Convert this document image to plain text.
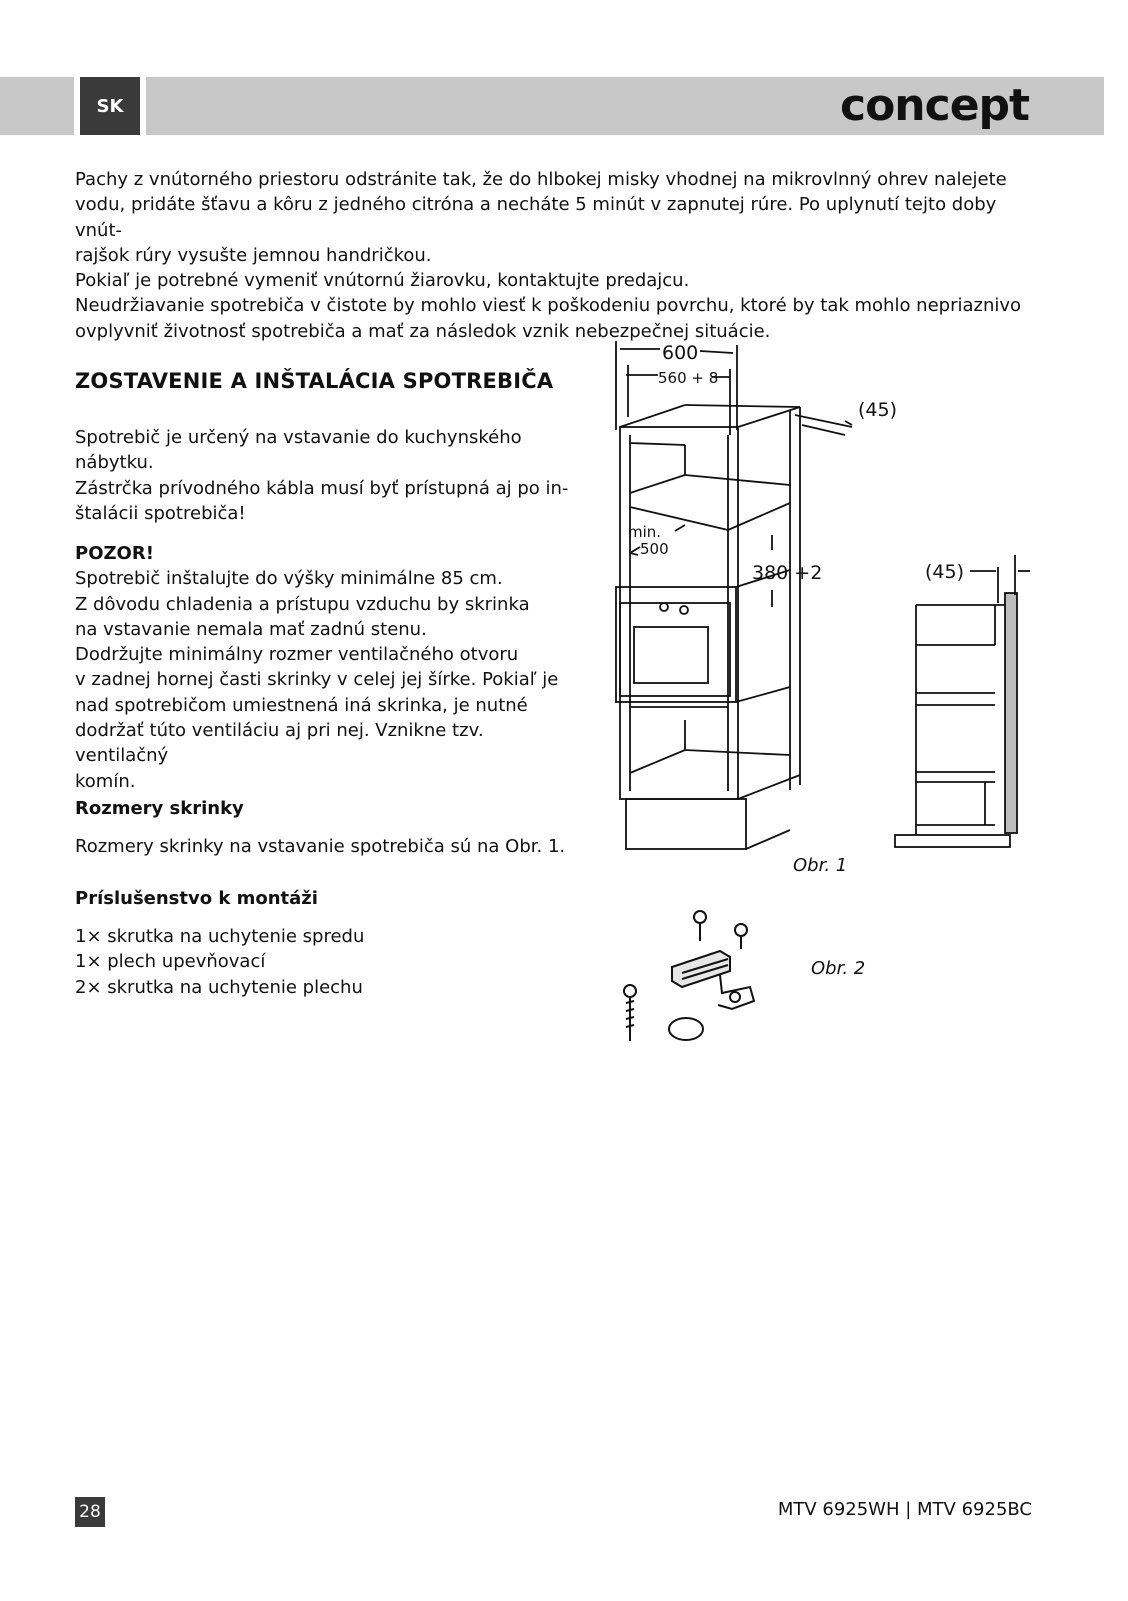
SK	concept

Pachy z vnútorného priestoru odstránite tak, že do hlbokej misky vhodnej na mikrovlnný ohrev nalejete

vodu, pridáte šťavu a kôru z jedného citróna a necháte 5 minút v zapnutej rúre. Po uplynutí tejto doby vnút-

rajšok rúry vysušte jemnou handričkou.

Pokiaľ je potrebné vymeniť vnútornú žiarovku, kontaktujte predajcu.

Neudržiavanie spotrebiča v čistote by mohlo viesť k poškodeniu povrchu, ktoré by tak mohlo nepriaznivo

ovplyvniť životnosť spotrebiča a mať za následok vznik nebezpečnej situácie.

ZOSTAVENIE A INŠTALÁCIA SPOTREBIČA

Spotrebič je určený na vstavanie do kuchynského

nábytku.

Zástrčka prívodného kábla musí byť prístupná aj po in-

štalácii spotrebiča!

POZOR!

Spotrebič inštalujte do výšky minimálne 85 cm.

Z dôvodu chladenia a prístupu vzduchu by skrinka

na vstavanie nemala mať zadnú stenu.

Dodržujte minimálny rozmer ventilačného otvoru

v zadnej hornej časti skrinky v celej jej šírke. Pokiaľ je

nad spotrebičom umiestnená iná skrinka, je nutné

dodržať túto ventiláciu aj pri nej. Vznikne tzv. ventilačný

komín.

Rozmery skrinky
Rozmery skrinky na vstavanie spotrebiča sú na Obr. 1.
Príslušenstvo k montáži

1× skrutka na uchytenie spredu

1× plech upevňovací

2× skrutka na uchytenie plechu

600
560 + 8
(45)
min.
500
380 +2	(45)
Obr. 1
Obr. 2
28	MTV 6925WH | MTV 6925BC
